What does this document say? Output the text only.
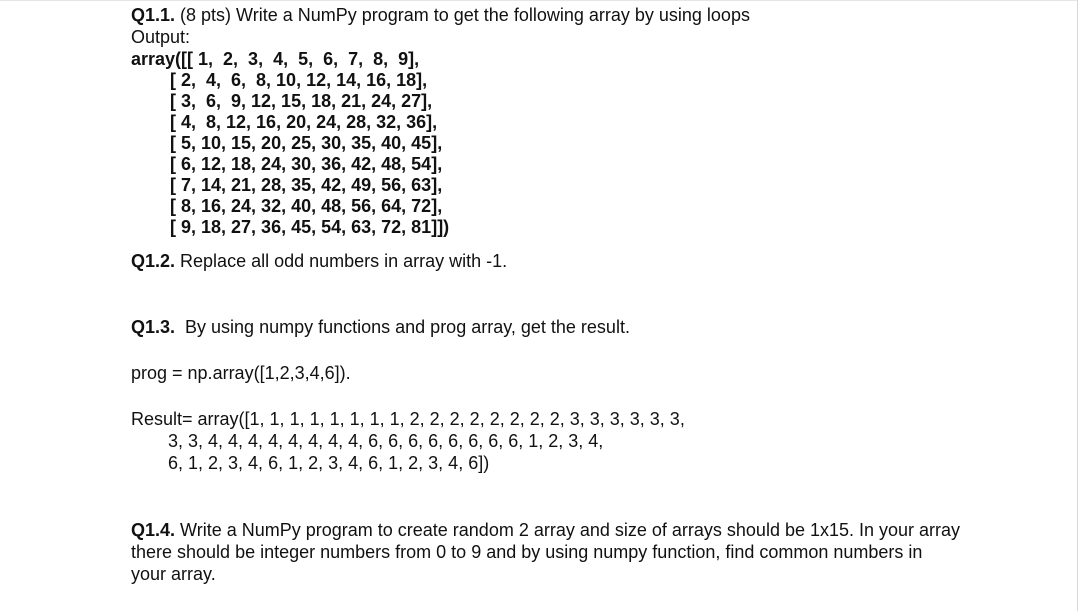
Q1.1. (8 pts) Write a NumPy program to get the following array by using loops
Output:
array([[ 1,  2,  3,  4,  5,  6,  7,  8,  9],
[ 2,  4,  6,  8, 10, 12, 14, 16, 18],
[ 3,  6,  9, 12, 15, 18, 21, 24, 27],
[ 4,  8, 12, 16, 20, 24, 28, 32, 36],
[ 5, 10, 15, 20, 25, 30, 35, 40, 45],
[ 6, 12, 18, 24, 30, 36, 42, 48, 54],
[ 7, 14, 21, 28, 35, 42, 49, 56, 63],
[ 8, 16, 24, 32, 40, 48, 56, 64, 72],
[ 9, 18, 27, 36, 45, 54, 63, 72, 81]])
Q1.2. Replace all odd numbers in array with -1.
Q1.3.  By using numpy functions and prog array, get the result.
prog = np.array([1,2,3,4,6]).
Result= array([1, 1, 1, 1, 1, 1, 1, 1, 2, 2, 2, 2, 2, 2, 2, 2, 3, 3, 3, 3, 3, 3,
3, 3, 4, 4, 4, 4, 4, 4, 4, 4, 6, 6, 6, 6, 6, 6, 6, 6, 1, 2, 3, 4,
6, 1, 2, 3, 4, 6, 1, 2, 3, 4, 6, 1, 2, 3, 4, 6])
Q1.4. Write a NumPy program to create random 2 array and size of arrays should be 1x15. In your array there should be integer numbers from 0 to 9 and by using numpy function, find common numbers in your array.
